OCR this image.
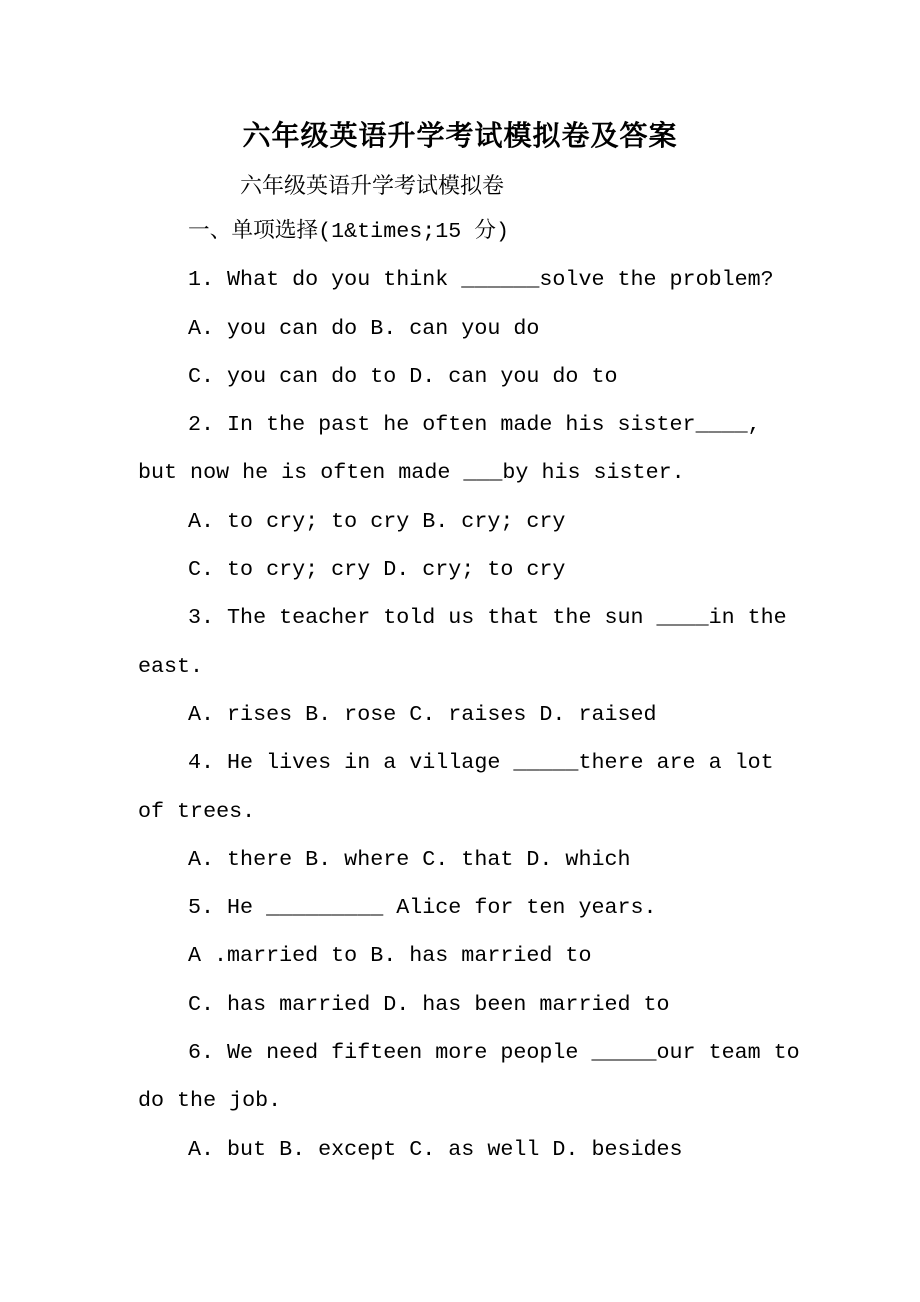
六年级英语升学考试模拟卷及答案
六年级英语升学考试模拟卷
一、单项选择(1&times;15 分)
1. What do you think ______solve the problem?
A. you can do B. can you do
C. you can do to D. can you do to
2. In the past he often made his sister____,
but now he is often made ___by his sister.
A. to cry; to cry B. cry; cry
C. to cry; cry D. cry; to cry
3. The teacher told us that the sun ____in the
east.
A. rises B. rose C. raises D. raised
4. He lives in a village _____there are a lot
of trees.
A. there B. where C. that D. which
5. He _________ Alice for ten years.
A .married to B. has married to
C. has married D. has been married to
6. We need fifteen more people _____our team to
do the job.
A. but B. except C. as well D. besides
